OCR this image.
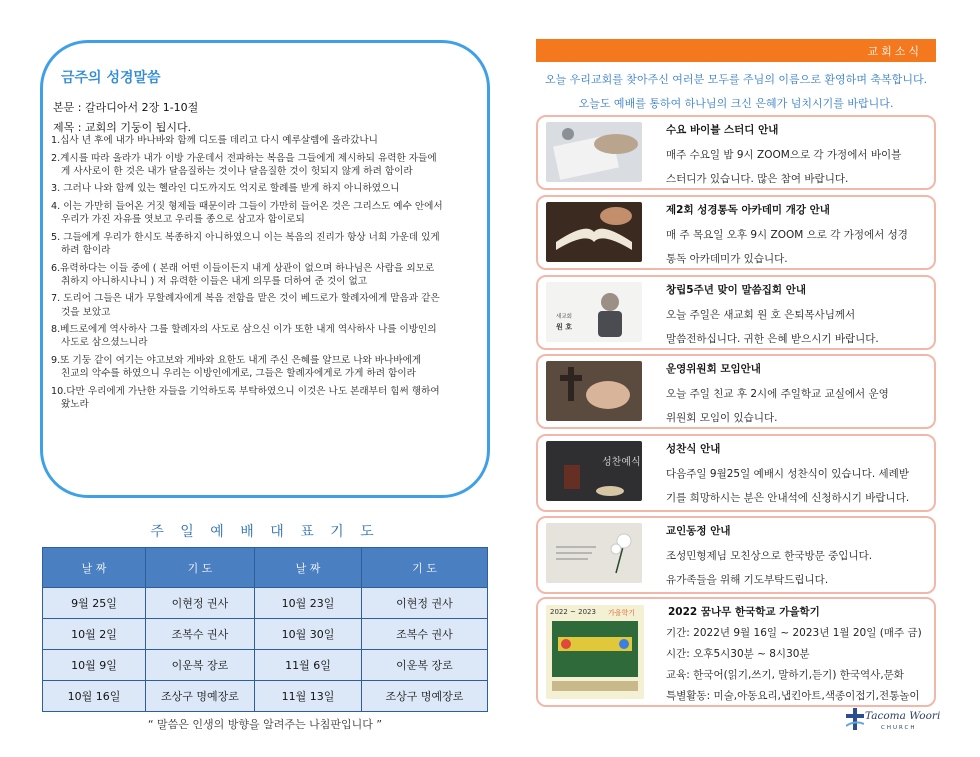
금주의 성경말씀
본문 : 갈라디아서 2장 1-10절
제목 : 교회의 기둥이 됩시다.
1.십사 년 후에 내가 바나바와 함께 디도를 데리고 다시 예루살렘에 올라갔나니
2.계시를 따라 올라가 내가 이방 가운데서 전파하는 복음을 그들에게 제시하되 유력한 자들에
게 사사로이 한 것은 내가 달음질하는 것이나 달음질한 것이 헛되지 않게 하려 함이라
3. 그러나 나와 함께 있는 헬라인 디도까지도 억지로 할례를 받게 하지 아니하였으니
4. 이는 가만히 들어온 거짓 형제들 때문이라 그들이 가만히 들어온 것은 그리스도 예수 안에서
우리가 가진 자유를 엿보고 우리를 종으로 삼고자 함이로되
5. 그들에게 우리가 한시도 복종하지 아니하였으니 이는 복음의 진리가 항상 너희 가운데 있게
하려 함이라
6.유력하다는 이들 중에 ( 본래 어떤 이들이든지 내게 상관이 없으며 하나님은 사람을 외모로
취하지 아니하시나니 ) 저 유력한 이들은 내게 의무를 더하여 준 것이 없고
7. 도리어 그들은 내가 무할례자에게 복음 전함을 맡은 것이 베드로가 할례자에게 맡음과 같은
것을 보았고
8.베드로에게 역사하사 그를 할례자의 사도로 삼으신 이가 또한 내게 역사하사 나를 이방인의
사도로 삼으셨느니라
9.또 기둥 같이 여기는 야고보와 게바와 요한도 내게 주신 은혜를 알므로 나와 바나바에게
친교의 악수를 하였으니 우리는 이방인에게로, 그들은 할례자에게로 가게 하려 함이라
10.다만 우리에게 가난한 자들을 기억하도록 부탁하였으니 이것은 나도 본래부터 힘써 행하여
왔노라
주 일 예 배 대 표 기 도
날 짜	기 도	날 짜	기 도
9월 25일	이현정 권사	10월 23일	이현정 권사
10월 2일	조복수 권사	10월 30일	조복수 권사
10월 9일	이운복 장로	11월 6일	이운복 장로
10월 16일	조상구 명예장로	11월 13일	조상구 명예장로
“ 말씀은 인생의 방향을 알려주는 나침판입니다 ”
교회소식
오늘 우리교회를 찾아주신 여러분 모두를 주님의 이름으로 환영하며 축복합니다.
오늘도 예배를 통하여 하나님의 크신 은혜가 넘치시기를 바랍니다.
수요 바이블 스터디 안내
매주 수요일 밤 9시 ZOOM으로 각 가정에서 바이블
스터디가 있습니다. 많은 참여 바랍니다.
제2회 성경통독 아카데미 개강 안내
매 주 목요일 오후 9시 ZOOM 으로 각 가정에서 성경
통독 아카데미가 있습니다.
새교회
원 호
창립5주년 맞이 말씀집회 안내
오늘 주일은 새교회 원 호 은퇴목사님께서
말씀전하십니다. 귀한 은혜 받으시기 바랍니다.
운영위원회 모임안내
오늘 주일 친교 후 2시에 주일학교 교실에서 운영
위원회 모임이 있습니다.
성찬예식
성찬식 안내
다음주일 9월25일 예배시 성찬식이 있습니다. 세례받
기를 희망하시는 분은 안내석에 신청하시기 바랍니다.
교인동정 안내
조성민형제님 모친상으로 한국방문 중입니다.
유가족들을 위해 기도부탁드립니다.
2022 ~ 2023 가을학기	2022 꿈나무 한국학교 가을학기
기간: 2022년 9월 16일 ~ 2023년 1월 20일 (매주 금)
시간: 오후5시30분 ~ 8시30분
교육: 한국어(읽기,쓰기, 말하기,듣기) 한국역사,문화
특별활동: 미술,아동요리,냅킨아트,색종이접기,전통놀이
Tacoma Woori
CHURCH
